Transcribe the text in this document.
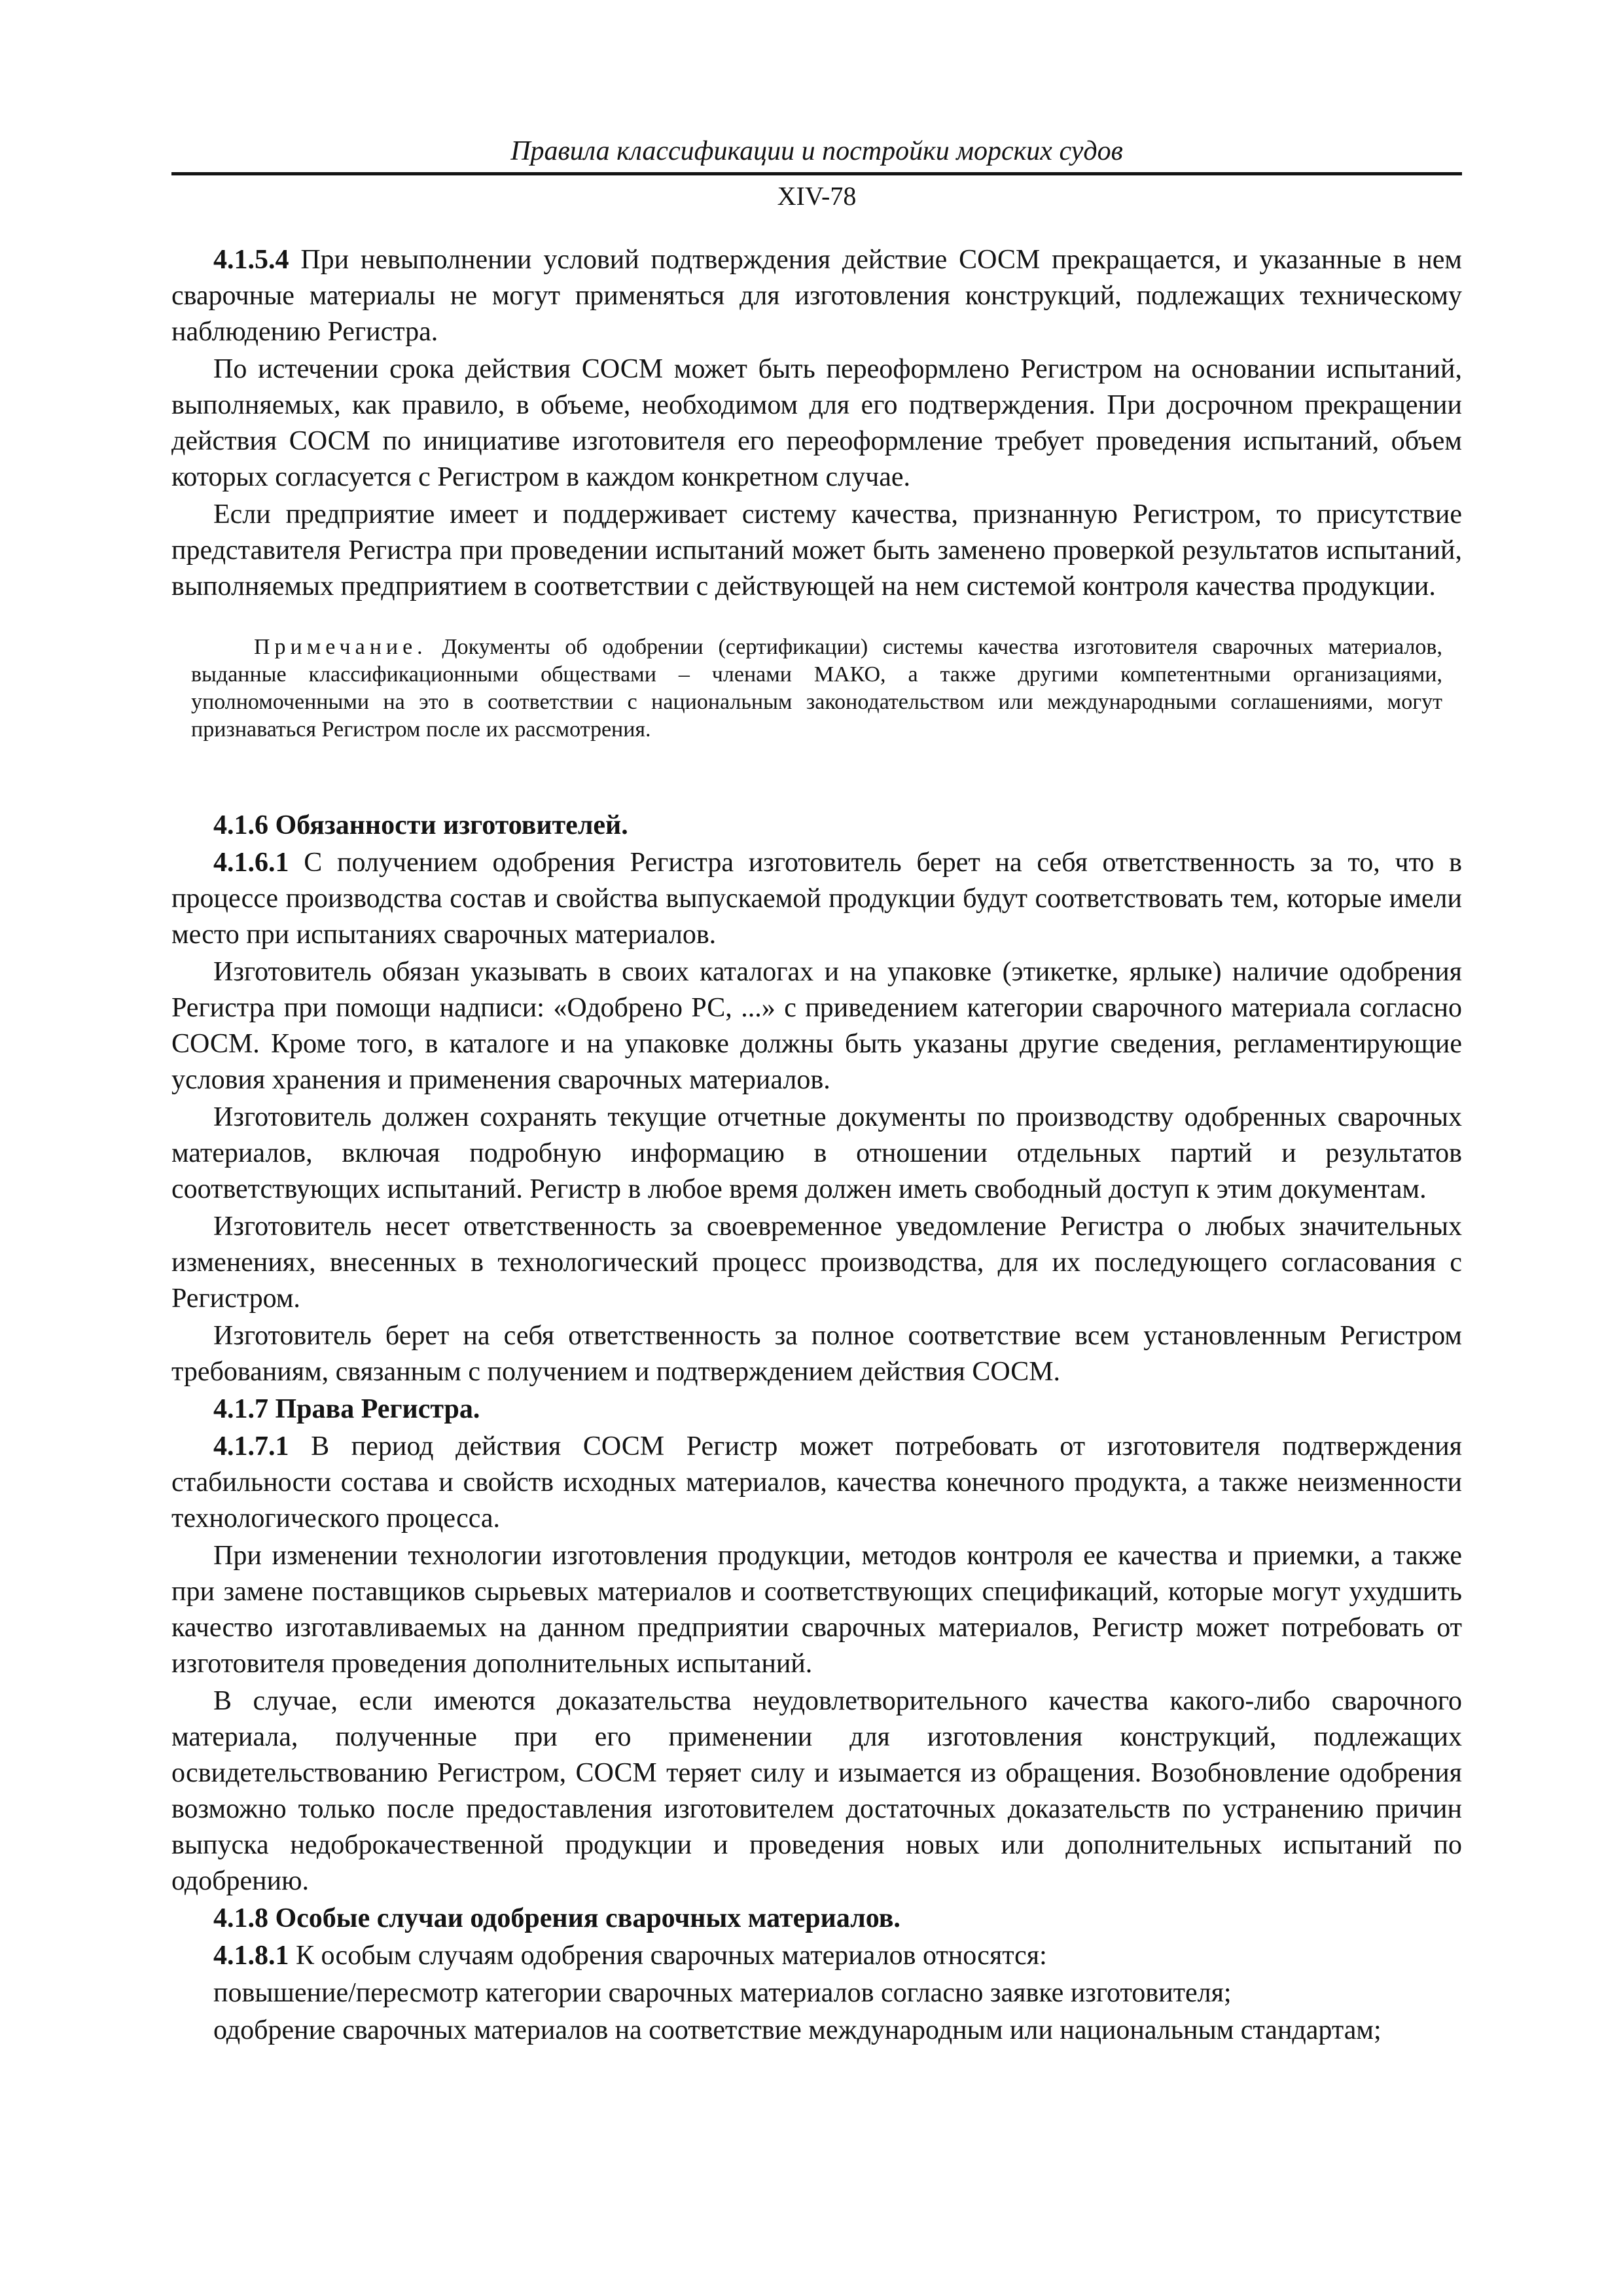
Правила классификации и постройки морских судов
XIV-78

4.1.5.4 При невыполнении условий подтверждения действие СОСМ прекращается, и указанные в нем сварочные материалы не могут применяться для изготовления конструкций, подлежащих техническому наблюдению Регистра.

По истечении срока действия СОСМ может быть переоформлено Регистром на основании испытаний, выполняемых, как правило, в объеме, необходимом для его подтверждения. При досрочном прекращении действия СОСМ по инициативе изготовителя его переоформление требует проведения испытаний, объем которых согласуется с Регистром в каждом конкретном случае.

Если предприятие имеет и поддерживает систему качества, признанную Регистром, то присутствие представителя Регистра при проведении испытаний может быть заменено проверкой результатов испытаний, выполняемых предприятием в соответствии с действующей на нем системой контроля качества продукции.

Примечание. Документы об одобрении (сертификации) системы качества изготовителя сварочных материалов, выданные классификационными обществами – членами МАКО, а также другими компетентными организациями, уполномоченными на это в соответствии с национальным законодательством или международными соглашениями, могут признаваться Регистром после их рассмотрения.

4.1.6 Обязанности изготовителей.

4.1.6.1 С получением одобрения Регистра изготовитель берет на себя ответственность за то, что в процессе производства состав и свойства выпускаемой продукции будут соответствовать тем, которые имели место при испытаниях сварочных материалов.

Изготовитель обязан указывать в своих каталогах и на упаковке (этикетке, ярлыке) наличие одобрения Регистра при помощи надписи: «Одобрено РС, ...» с приведением категории сварочного материала согласно СОСМ. Кроме того, в каталоге и на упаковке должны быть указаны другие сведения, регламентирующие условия хранения и применения сварочных материалов.

Изготовитель должен сохранять текущие отчетные документы по производству одобренных сварочных материалов, включая подробную информацию в отношении отдельных партий и результатов соответствующих испытаний. Регистр в любое время должен иметь свободный доступ к этим документам.

Изготовитель несет ответственность за своевременное уведомление Регистра о любых значительных изменениях, внесенных в технологический процесс производства, для их последующего согласования с Регистром.

Изготовитель берет на себя ответственность за полное соответствие всем установленным Регистром требованиям, связанным с получением и подтверждением действия СОСМ.

4.1.7 Права Регистра.

4.1.7.1 В период действия СОСМ Регистр может потребовать от изготовителя подтверждения стабильности состава и свойств исходных материалов, качества конечного продукта, а также неизменности технологического процесса.

При изменении технологии изготовления продукции, методов контроля ее качества и приемки, а также при замене поставщиков сырьевых материалов и соответствующих спецификаций, которые могут ухудшить качество изготавливаемых на данном предприятии сварочных материалов, Регистр может потребовать от изготовителя проведения дополнительных испытаний.

В случае, если имеются доказательства неудовлетворительного качества какого-либо сварочного материала, полученные при его применении для изготовления конструкций, подлежащих освидетельствованию Регистром, СОСМ теряет силу и изымается из обращения. Возобновление одобрения возможно только после предоставления изготовителем достаточных доказательств по устранению причин выпуска недоброкачественной продукции и проведения новых или дополнительных испытаний по одобрению.

4.1.8 Особые случаи одобрения сварочных материалов.

4.1.8.1 К особым случаям одобрения сварочных материалов относятся:

повышение/пересмотр категории сварочных материалов согласно заявке изготовителя;

одобрение сварочных материалов на соответствие международным или национальным стандартам;
